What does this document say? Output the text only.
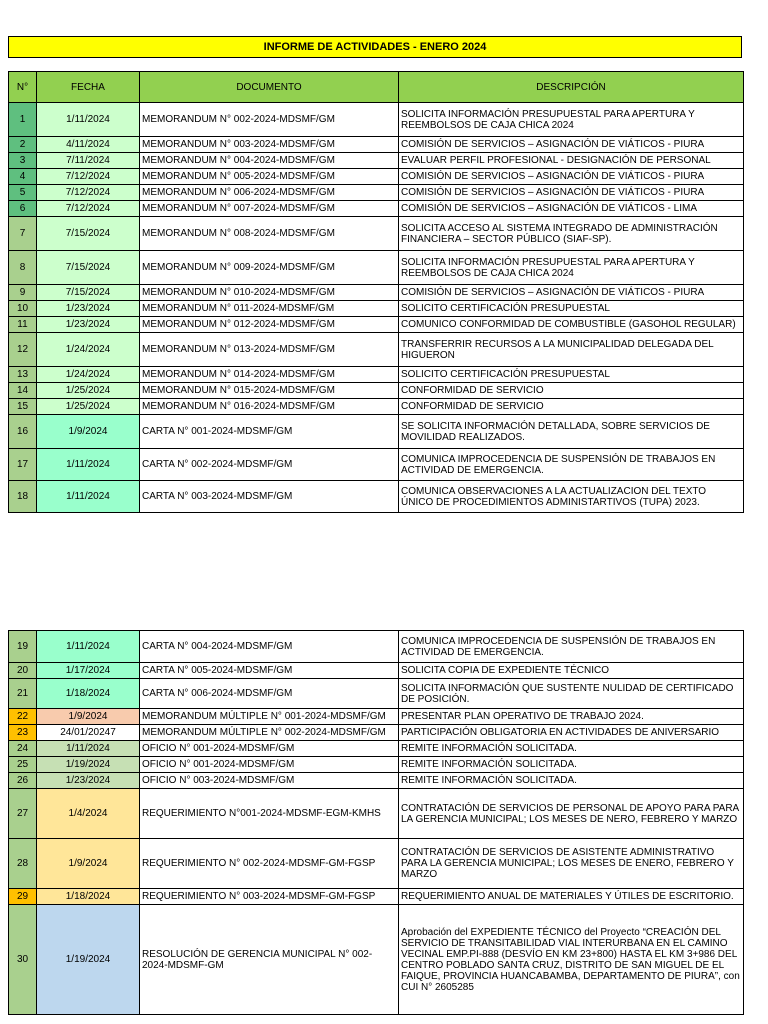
INFORME DE ACTIVIDADES - ENERO 2024
N°	FECHA	DOCUMENTO	DESCRIPCIÓN
1	1/11/2024	MEMORANDUM N° 002-2024-MDSMF/GM	SOLICITA INFORMACIÓN PRESUPUESTAL PARA APERTURA Y REEMBOLSOS DE CAJA CHICA 2024
2	4/11/2024	MEMORANDUM N° 003-2024-MDSMF/GM	COMISIÓN DE SERVICIOS – ASIGNACIÓN DE VIÁTICOS - PIURA
3	7/11/2024	MEMORANDUM N° 004-2024-MDSMF/GM	EVALUAR PERFIL PROFESIONAL - DESIGNACIÓN DE PERSONAL
4	7/12/2024	MEMORANDUM N° 005-2024-MDSMF/GM	COMISIÓN DE SERVICIOS – ASIGNACIÓN DE VIÁTICOS - PIURA
5	7/12/2024	MEMORANDUM N° 006-2024-MDSMF/GM	COMISIÓN DE SERVICIOS – ASIGNACIÓN DE VIÁTICOS - PIURA
6	7/12/2024	MEMORANDUM N° 007-2024-MDSMF/GM	COMISIÓN DE SERVICIOS – ASIGNACIÓN DE VIÁTICOS - LIMA
7	7/15/2024	MEMORANDUM N° 008-2024-MDSMF/GM	SOLICITA ACCESO AL SISTEMA INTEGRADO DE ADMINISTRACIÓN FINANCIERA – SECTOR PÚBLICO (SIAF-SP).
8	7/15/2024	MEMORANDUM N° 009-2024-MDSMF/GM	SOLICITA INFORMACIÓN PRESUPUESTAL PARA APERTURA Y REEMBOLSOS DE CAJA CHICA 2024
9	7/15/2024	MEMORANDUM N° 010-2024-MDSMF/GM	COMISIÓN DE SERVICIOS – ASIGNACIÓN DE VIÁTICOS - PIURA
10	1/23/2024	MEMORANDUM N° 011-2024-MDSMF/GM	SOLICITO CERTIFICACIÓN PRESUPUESTAL
11	1/23/2024	MEMORANDUM N° 012-2024-MDSMF/GM	COMUNICO CONFORMIDAD DE COMBUSTIBLE (GASOHOL REGULAR)
12	1/24/2024	MEMORANDUM N° 013-2024-MDSMF/GM	TRANSFERRIR RECURSOS A LA MUNICIPALIDAD DELEGADA DEL HIGUERON
13	1/24/2024	MEMORANDUM N° 014-2024-MDSMF/GM	SOLICITO CERTIFICACIÓN PRESUPUESTAL
14	1/25/2024	MEMORANDUM N° 015-2024-MDSMF/GM	CONFORMIDAD DE SERVICIO
15	1/25/2024	MEMORANDUM N° 016-2024-MDSMF/GM	CONFORMIDAD DE SERVICIO
16	1/9/2024	CARTA N° 001-2024-MDSMF/GM	SE SOLICITA INFORMACIÓN DETALLADA, SOBRE SERVICIOS DE MOVILIDAD REALIZADOS.
17	1/11/2024	CARTA N° 002-2024-MDSMF/GM	COMUNICA IMPROCEDENCIA DE SUSPENSIÓN DE TRABAJOS EN ACTIVIDAD DE EMERGENCIA.
18	1/11/2024	CARTA N° 003-2024-MDSMF/GM	COMUNICA OBSERVACIONES A LA ACTUALIZACION DEL TEXTO ÚNICO DE PROCEDIMIENTOS ADMINISTARTIVOS (TUPA) 2023.
19	1/11/2024	CARTA N° 004-2024-MDSMF/GM	COMUNICA IMPROCEDENCIA DE SUSPENSIÓN DE TRABAJOS EN ACTIVIDAD DE EMERGENCIA.
20	1/17/2024	CARTA N° 005-2024-MDSMF/GM	SOLICITA COPIA DE EXPEDIENTE TÉCNICO
21	1/18/2024	CARTA N° 006-2024-MDSMF/GM	SOLICITA INFORMACIÓN QUE SUSTENTE NULIDAD DE CERTIFICADO DE POSICIÓN.
22	1/9/2024	MEMORANDUM MÚLTIPLE N° 001-2024-MDSMF/GM	PRESENTAR PLAN OPERATIVO DE TRABAJO 2024.
23	24/01/20247	MEMORANDUM MÚLTIPLE N° 002-2024-MDSMF/GM	PARTICIPACIÓN OBLIGATORIA EN ACTIVIDADES DE ANIVERSARIO
24	1/11/2024	OFICIO N° 001-2024-MDSMF/GM	REMITE INFORMACIÓN SOLICITADA.
25	1/19/2024	OFICIO N° 001-2024-MDSMF/GM	REMITE INFORMACIÓN SOLICITADA.
26	1/23/2024	OFICIO N° 003-2024-MDSMF/GM	REMITE INFORMACIÓN SOLICITADA.
27	1/4/2024	REQUERIMIENTO N°001-2024-MDSMF-EGM-KMHS	CONTRATACIÓN DE SERVICIOS DE PERSONAL DE APOYO PARA PARA LA GERENCIA MUNICIPAL; LOS MESES DE NERO, FEBRERO Y MARZO
28	1/9/2024	REQUERIMIENTO N° 002-2024-MDSMF-GM-FGSP	CONTRATACIÓN DE SERVICIOS DE ASISTENTE ADMINISTRATIVO PARA LA GERENCIA MUNICIPAL; LOS MESES DE ENERO, FEBRERO Y MARZO
29	1/18/2024	REQUERIMIENTO N° 003-2024-MDSMF-GM-FGSP	REQUERIMIENTO ANUAL DE MATERIALES Y ÚTILES DE ESCRITORIO.
30	1/19/2024	RESOLUCIÓN DE GERENCIA MUNICIPAL N° 002-2024-MDSMF-GM	Aprobación del EXPEDIENTE TÉCNICO del Proyecto “CREACIÓN DEL SERVICIO DE TRANSITABILIDAD VIAL INTERURBANA EN EL CAMINO VECINAL EMP.PI-888 (DESVÍO EN KM 23+800) HASTA EL KM 3+986 DEL CENTRO POBLADO SANTA CRUZ, DISTRITO DE SAN MIGUEL DE EL FAIQUE, PROVINCIA HUANCABAMBA, DEPARTAMENTO DE PIURA”, con CUI N° 2605285
